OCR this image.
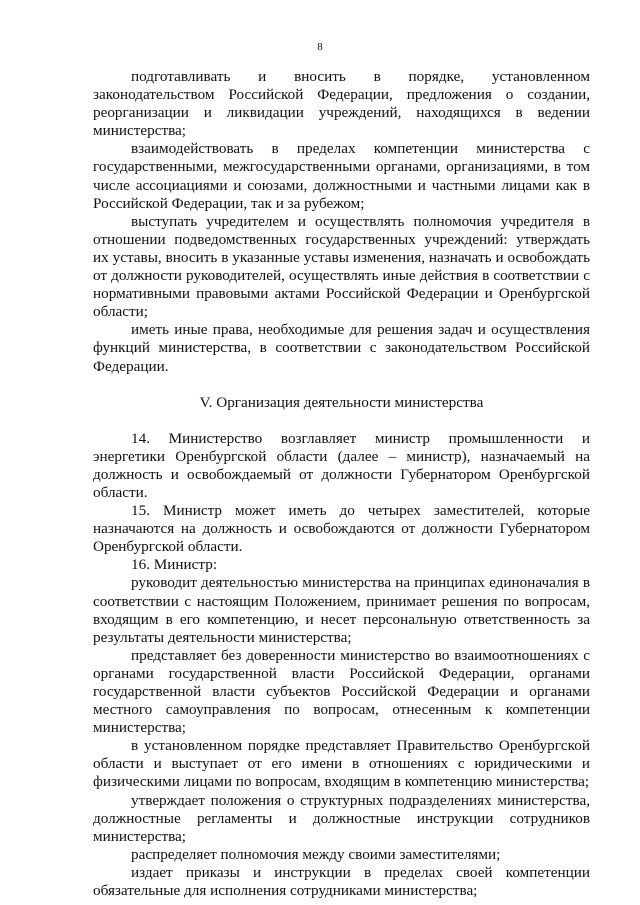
8

подготавливать и вносить в порядке, установленном законодательством Российской Федерации, предложения о создании, реорганизации и ликвидации учреждений, находящихся в ведении министерства;

взаимодействовать в пределах компетенции министерства с государственными, межгосударственными органами, организациями, в том числе ассоциациями и союзами, должностными и частными лицами как в Российской Федерации, так и за рубежом;

выступать учредителем и осуществлять полномочия учредителя в отношении подведомственных государственных учреждений: утверждать их уставы, вносить в указанные уставы изменения, назначать и освобождать от должности руководителей, осуществлять иные действия в соответствии с нормативными правовыми актами Российской Федерации и Оренбургской области;

иметь иные права, необходимые для решения задач и осуществления функций министерства, в соответствии с законодательством Российской Федерации.

V. Организация деятельности министерства

14. Министерство возглавляет министр промышленности и энергетики Оренбургской области (далее – министр), назначаемый на должность и освобождаемый от должности Губернатором Оренбургской области.

15. Министр может иметь до четырех заместителей, которые назначаются на должность и освобождаются от должности Губернатором Оренбургской области.

16. Министр:

руководит деятельностью министерства на принципах единоначалия в соответствии с настоящим Положением, принимает решения по вопросам, входящим в его компетенцию, и несет персональную ответственность за результаты деятельности министерства;

представляет без доверенности министерство во взаимоотношениях с органами государственной власти Российской Федерации, органами государственной власти субъектов Российской Федерации и органами местного самоуправления по вопросам, отнесенным к компетенции министерства;

в установленном порядке представляет Правительство Оренбургской области и выступает от его имени в отношениях с юридическими и физическими лицами по вопросам, входящим в компетенцию министерства;

утверждает положения о структурных подразделениях министерства, должностные регламенты и должностные инструкции сотрудников министерства;

распределяет полномочия между своими заместителями;

издает приказы и инструкции в пределах своей компетенции обязательные для исполнения сотрудниками министерства;
